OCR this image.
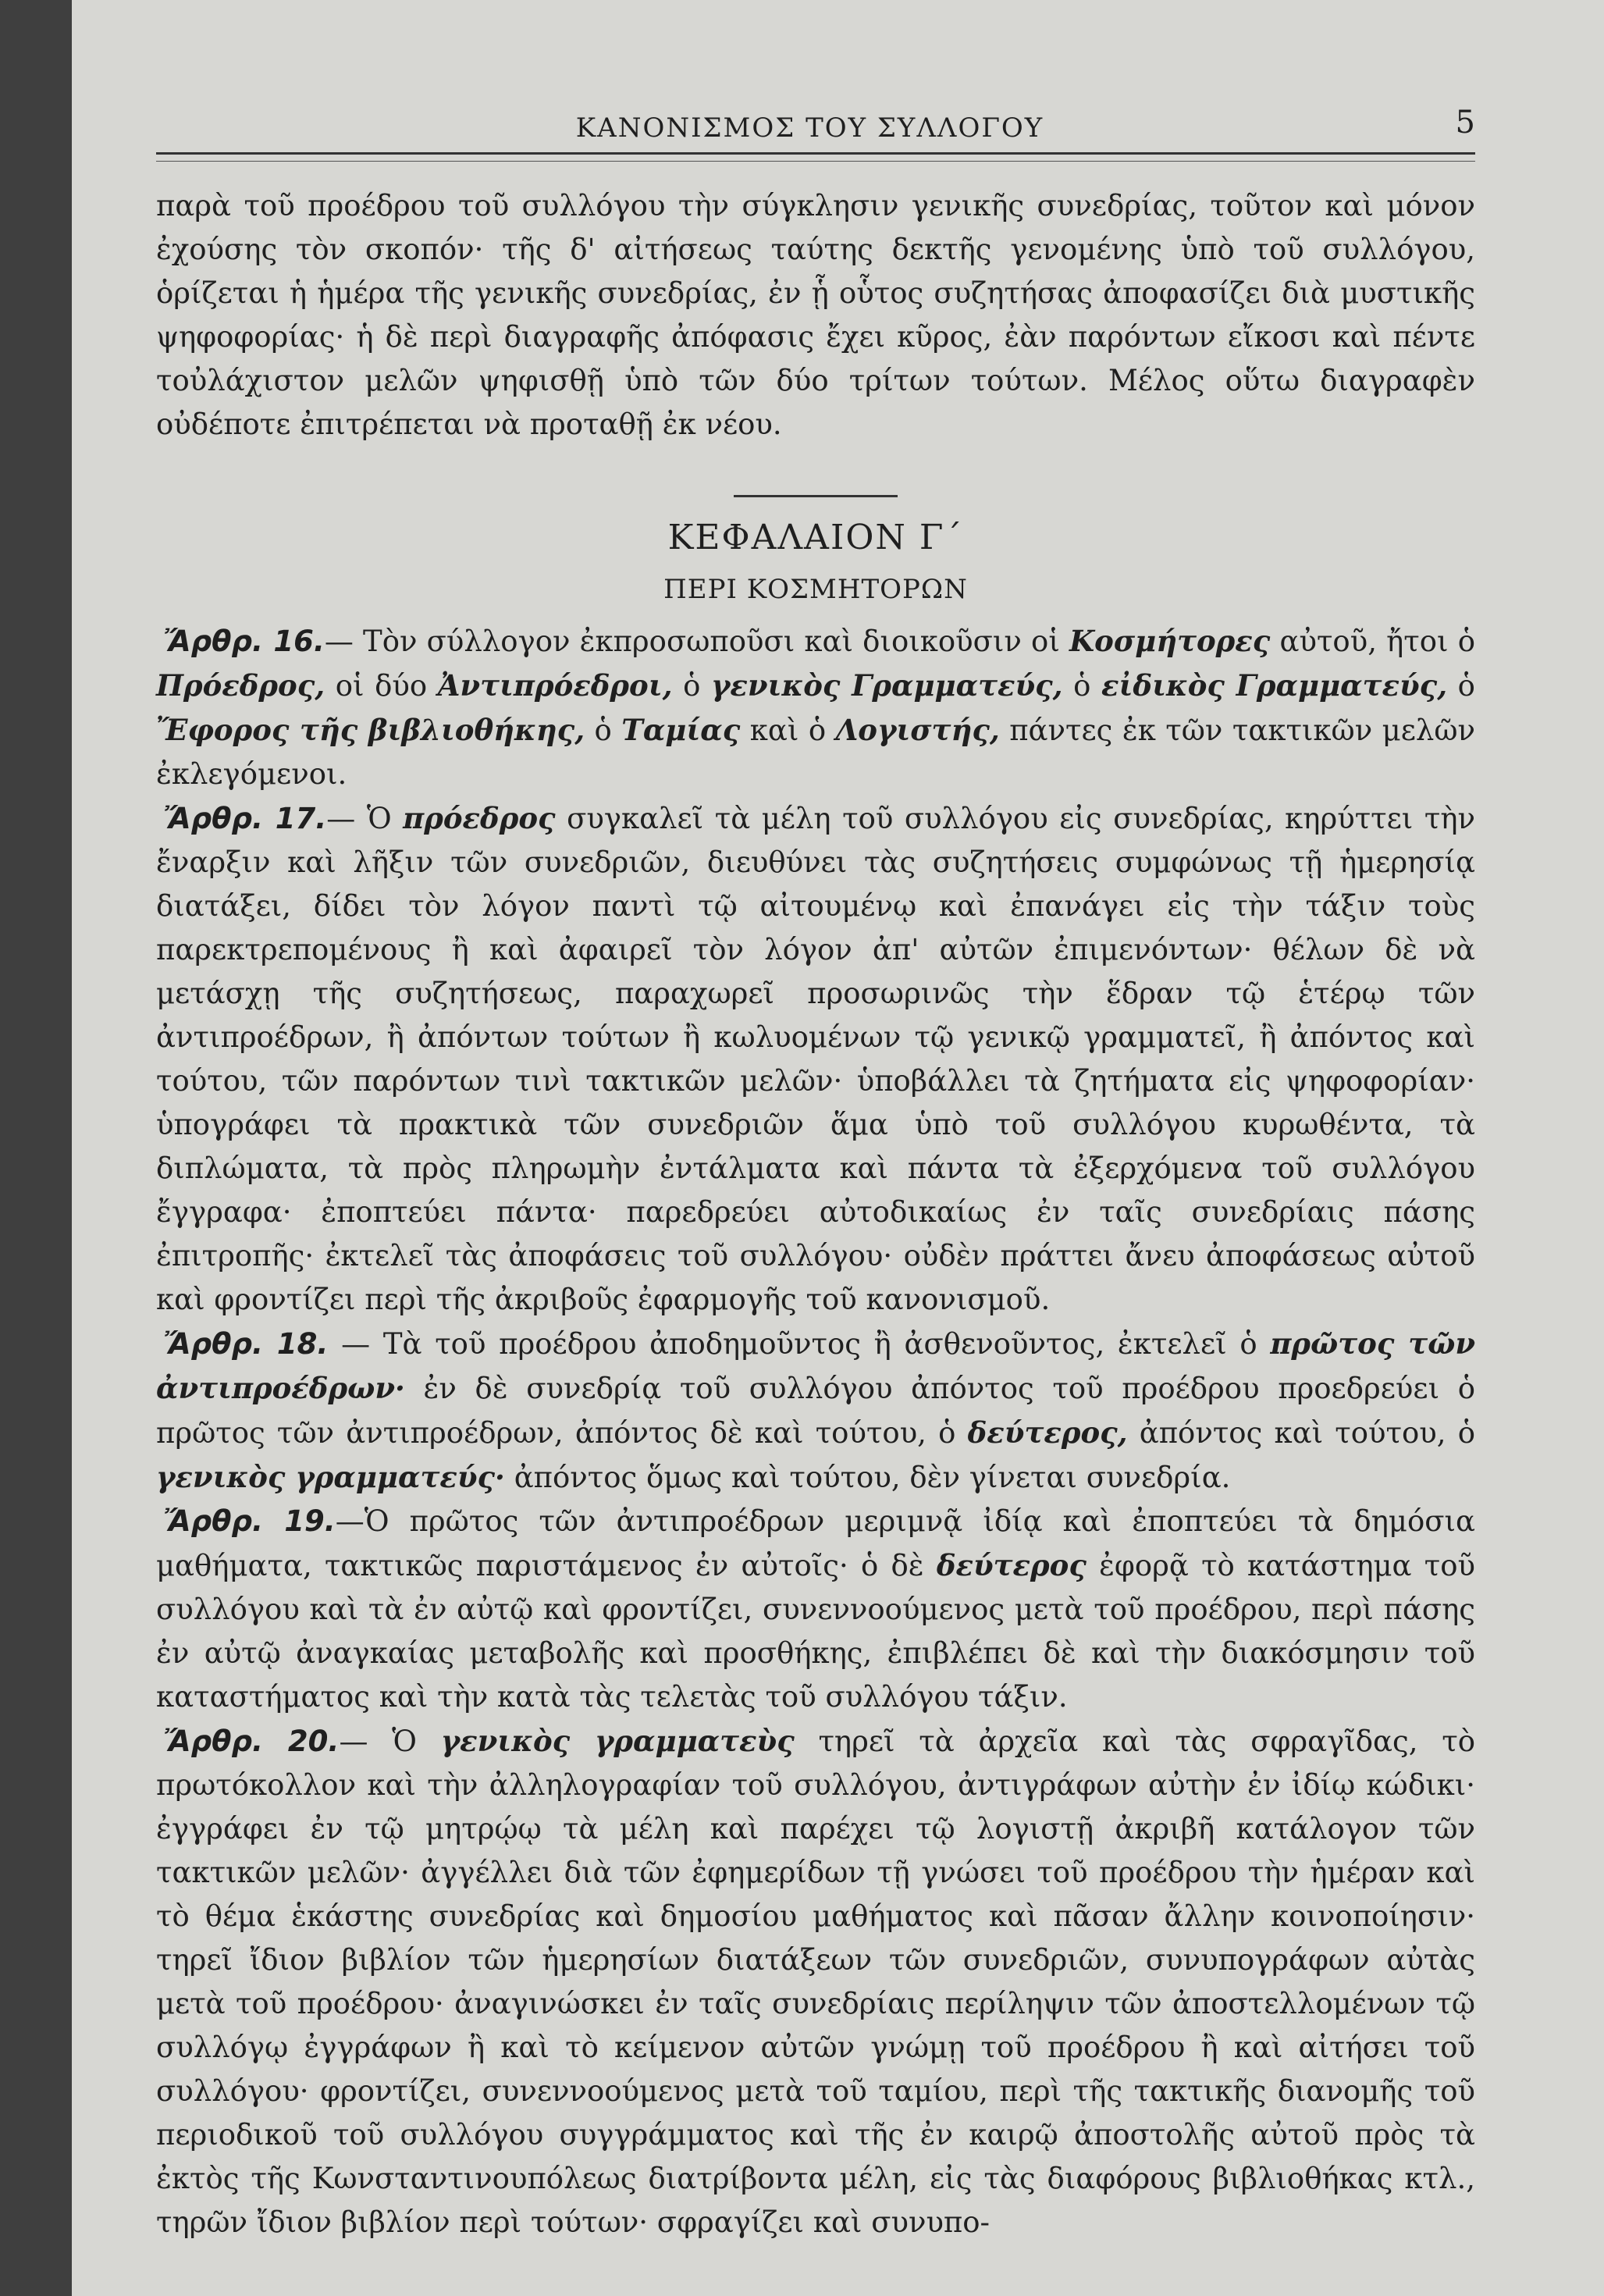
ΚΑΝΟΝΙΣΜΟΣ ΤΟΥ ΣΥΛΛΟΓΟΥ	5

παρὰ τοῦ προέδρου τοῦ συλλόγου τὴν σύγκλησιν γενικῆς συνεδρίας, τοῦτον καὶ μόνον ἐχούσης τὸν σκοπόν· τῆς δ' αἰτήσεως ταύτης δεκτῆς γενομένης ὑπὸ τοῦ συλλόγου, ὁρίζεται ἡ ἡμέρα τῆς γενικῆς συνεδρίας, ἐν ᾗ οὗτος συζητήσας ἀποφασίζει διὰ μυστικῆς ψηφοφορίας· ἡ δὲ περὶ διαγραφῆς ἀπόφασις ἔχει κῦρος, ἐὰν παρόντων εἴκοσι καὶ πέντε τοὐλάχιστον μελῶν ψηφισθῇ ὑπὸ τῶν δύο τρίτων τούτων. Μέλος οὕτω διαγραφὲν οὐδέποτε ἐπιτρέπεται νὰ προταθῇ ἐκ νέου.

ΚΕΦΑΛΑΙΟΝ Γ΄
ΠΕΡΙ ΚΟΣΜΗΤΟΡΩΝ

Ἄρθρ. 16.— Τὸν σύλλογον ἐκπροσωποῦσι καὶ διοικοῦσιν οἱ Κοσμήτορες αὐτοῦ, ἤτοι ὁ Πρόεδρος, οἱ δύο Ἀντιπρόεδροι, ὁ γενικὸς Γραμματεύς, ὁ εἰδικὸς Γραμματεύς, ὁ Ἔφορος τῆς βιβλιοθήκης, ὁ Ταμίας καὶ ὁ Λογιστής, πάντες ἐκ τῶν τακτικῶν μελῶν ἐκλεγόμενοι.

Ἄρθρ. 17.— Ὁ πρόεδρος συγκαλεῖ τὰ μέλη τοῦ συλλόγου εἰς συνεδρίας, κηρύττει τὴν ἔναρξιν καὶ λῆξιν τῶν συνεδριῶν, διευθύνει τὰς συζητήσεις συμφώνως τῇ ἡμερησίᾳ διατάξει, δίδει τὸν λόγον παντὶ τῷ αἰτουμένῳ καὶ ἐπανάγει εἰς τὴν τάξιν τοὺς παρεκτρεπομένους ἢ καὶ ἀφαιρεῖ τὸν λόγον ἀπ' αὐτῶν ἐπιμενόντων· θέλων δὲ νὰ μετάσχῃ τῆς συζητήσεως, παραχωρεῖ προσωρινῶς τὴν ἕδραν τῷ ἑτέρῳ τῶν ἀντιπροέδρων, ἢ ἀπόντων τούτων ἢ κωλυομένων τῷ γενικῷ γραμματεῖ, ἢ ἀπόντος καὶ τούτου, τῶν παρόντων τινὶ τακτικῶν μελῶν· ὑποβάλλει τὰ ζητήματα εἰς ψηφοφορίαν· ὑπογράφει τὰ πρακτικὰ τῶν συνεδριῶν ἅμα ὑπὸ τοῦ συλλόγου κυρωθέντα, τὰ διπλώματα, τὰ πρὸς πληρωμὴν ἐντάλματα καὶ πάντα τὰ ἐξερχόμενα τοῦ συλλόγου ἔγγραφα· ἐποπτεύει πάντα· παρεδρεύει αὐτοδικαίως ἐν ταῖς συνεδρίαις πάσης ἐπιτροπῆς· ἐκτελεῖ τὰς ἀποφάσεις τοῦ συλλόγου· οὐδὲν πράττει ἄνευ ἀποφάσεως αὐτοῦ καὶ φροντίζει περὶ τῆς ἀκριβοῦς ἐφαρμογῆς τοῦ κανονισμοῦ.

Ἄρθρ. 18. — Τὰ τοῦ προέδρου ἀποδημοῦντος ἢ ἀσθενοῦντος, ἐκτελεῖ ὁ πρῶτος τῶν ἀντιπροέδρων· ἐν δὲ συνεδρίᾳ τοῦ συλλόγου ἀπόντος τοῦ προέδρου προεδρεύει ὁ πρῶτος τῶν ἀντιπροέδρων, ἀπόντος δὲ καὶ τούτου, ὁ δεύτερος, ἀπόντος καὶ τούτου, ὁ γενικὸς γραμματεύς· ἀπόντος ὅμως καὶ τούτου, δὲν γίνεται συνεδρία.

Ἄρθρ. 19.—Ὁ πρῶτος τῶν ἀντιπροέδρων μεριμνᾷ ἰδίᾳ καὶ ἐποπτεύει τὰ δημόσια μαθήματα, τακτικῶς παριστάμενος ἐν αὐτοῖς· ὁ δὲ δεύτερος ἐφορᾷ τὸ κατάστημα τοῦ συλλόγου καὶ τὰ ἐν αὐτῷ καὶ φροντίζει, συνεννοούμενος μετὰ τοῦ προέδρου, περὶ πάσης ἐν αὐτῷ ἀναγκαίας μεταβολῆς καὶ προσθήκης, ἐπιβλέπει δὲ καὶ τὴν διακόσμησιν τοῦ καταστήματος καὶ τὴν κατὰ τὰς τελετὰς τοῦ συλλόγου τάξιν.

Ἄρθρ. 20.— Ὁ γενικὸς γραμματεὺς τηρεῖ τὰ ἀρχεῖα καὶ τὰς σφραγῖδας, τὸ πρωτόκολλον καὶ τὴν ἀλληλογραφίαν τοῦ συλλόγου, ἀντιγράφων αὐτὴν ἐν ἰδίῳ κώδικι· ἐγγράφει ἐν τῷ μητρῴῳ τὰ μέλη καὶ παρέχει τῷ λογιστῇ ἀκριβῆ κατάλογον τῶν τακτικῶν μελῶν· ἀγγέλλει διὰ τῶν ἐφημερίδων τῇ γνώσει τοῦ προέδρου τὴν ἡμέραν καὶ τὸ θέμα ἑκάστης συνεδρίας καὶ δημοσίου μαθήματος καὶ πᾶσαν ἄλλην κοινοποίησιν· τηρεῖ ἴδιον βιβλίον τῶν ἡμερησίων διατάξεων τῶν συνεδριῶν, συνυπογράφων αὐτὰς μετὰ τοῦ προέδρου· ἀναγινώσκει ἐν ταῖς συνεδρίαις περίληψιν τῶν ἀποστελλομένων τῷ συλλόγῳ ἐγγράφων ἢ καὶ τὸ κείμενον αὐτῶν γνώμῃ τοῦ προέδρου ἢ καὶ αἰτήσει τοῦ συλλόγου· φροντίζει, συνεννοούμενος μετὰ τοῦ ταμίου, περὶ τῆς τακτικῆς διανομῆς τοῦ περιοδικοῦ τοῦ συλλόγου συγγράμματος καὶ τῆς ἐν καιρῷ ἀποστολῆς αὐτοῦ πρὸς τὰ ἐκτὸς τῆς Κωνσταντινουπόλεως διατρίβοντα μέλη, εἰς τὰς διαφόρους βιβλιοθήκας κτλ., τηρῶν ἴδιον βιβλίον περὶ τούτων· σφραγίζει καὶ συνυπο-
